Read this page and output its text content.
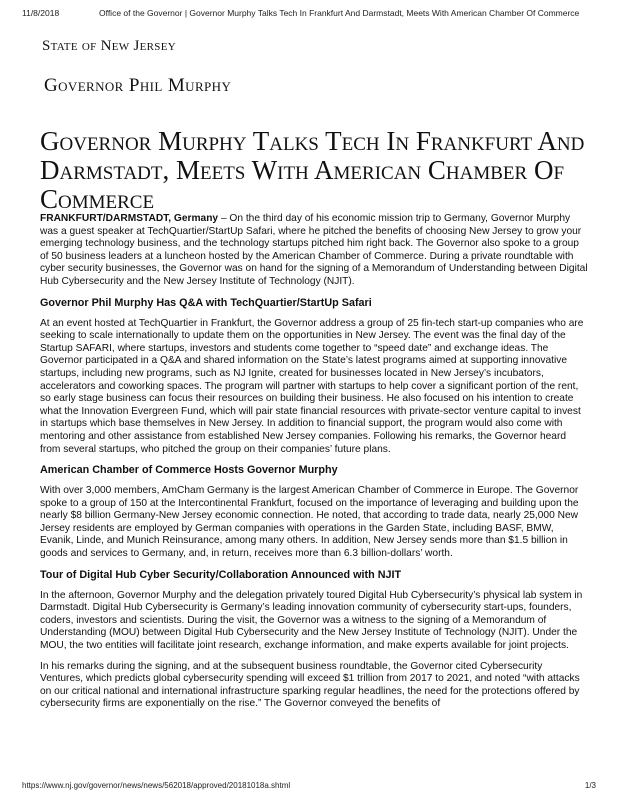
11/8/2018	Office of the Governor | Governor Murphy Talks Tech In Frankfurt And Darmstadt, Meets With American Chamber Of Commerce
State of New Jersey
Governor Phil Murphy
Governor Murphy Talks Tech In Frankfurt And Darmstadt, Meets With American Chamber Of Commerce

FRANKFURT/DARMSTADT, Germany – On the third day of his economic mission trip to Germany, Governor Murphy was a guest speaker at TechQuartier/StartUp Safari, where he pitched the benefits of choosing New Jersey to grow your emerging technology business, and the technology startups pitched him right back. The Governor also spoke to a group of 50 business leaders at a luncheon hosted by the American Chamber of Commerce. During a private roundtable with cyber security businesses, the Governor was on hand for the signing of a Memorandum of Understanding between Digital Hub Cybersecurity and the New Jersey Institute of Technology (NJIT).

Governor Phil Murphy Has Q&A with TechQuartier/StartUp Safari

At an event hosted at TechQuartier in Frankfurt, the Governor address a group of 25 fin-tech start-up companies who are seeking to scale internationally to update them on the opportunities in New Jersey. The event was the final day of the Startup SAFARI, where startups, investors and students come together to “speed date” and exchange ideas. The Governor participated in a Q&A and shared information on the State’s latest programs aimed at supporting innovative startups, including new programs, such as NJ Ignite, created for businesses located in New Jersey’s incubators, accelerators and coworking spaces. The program will partner with startups to help cover a significant portion of the rent, so early stage business can focus their resources on building their business. He also focused on his intention to create what the Innovation Evergreen Fund, which will pair state financial resources with private-sector venture capital to invest in startups which base themselves in New Jersey. In addition to financial support, the program would also come with mentoring and other assistance from established New Jersey companies. Following his remarks, the Governor heard from several startups, who pitched the group on their companies’ future plans.

American Chamber of Commerce Hosts Governor Murphy

With over 3,000 members, AmCham Germany is the largest American Chamber of Commerce in Europe. The Governor spoke to a group of 150 at the Intercontinental Frankfurt, focused on the importance of leveraging and building upon the nearly $8 billion Germany-New Jersey economic connection. He noted, that according to trade data, nearly 25,000 New Jersey residents are employed by German companies with operations in the Garden State, including BASF, BMW, Evanik, Linde, and Munich Reinsurance, among many others. In addition, New Jersey sends more than $1.5 billion in goods and services to Germany, and, in return, receives more than 6.3 billion-dollars’ worth.

Tour of Digital Hub Cyber Security/Collaboration Announced with NJIT

In the afternoon, Governor Murphy and the delegation privately toured Digital Hub Cybersecurity’s physical lab system in Darmstadt. Digital Hub Cybersecurity is Germany’s leading innovation community of cybersecurity start-ups, founders, coders, investors and scientists. During the visit, the Governor was a witness to the signing of a Memorandum of Understanding (MOU) between Digital Hub Cybersecurity and the New Jersey Institute of Technology (NJIT). Under the MOU, the two entities will facilitate joint research, exchange information, and make experts available for joint projects.

In his remarks during the signing, and at the subsequent business roundtable, the Governor cited Cybersecurity Ventures, which predicts global cybersecurity spending will exceed $1 trillion from 2017 to 2021, and noted “with attacks on our critical national and international infrastructure sparking regular headlines, the need for the protections offered by cybersecurity firms are exponentially on the rise.” The Governor conveyed the benefits of

https://www.nj.gov/governor/news/news/562018/approved/20181018a.shtml	1/3
